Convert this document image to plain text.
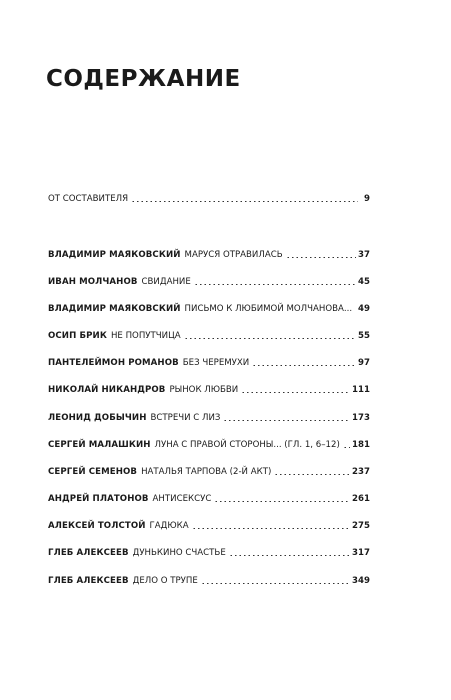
СОДЕРЖАНИЕ
ОТ СОСТАВИТЕЛЯ	9
ВЛАДИМИР МАЯКОВСКИЙ МАРУСЯ ОТРАВИЛАСЬ	37
ИВАН МОЛЧАНОВ СВИДАНИЕ	45
ВЛАДИМИР МАЯКОВСКИЙ ПИСЬМО К ЛЮБИМОЙ МОЛЧАНОВА... 49
ОСИП БРИК НЕ ПОПУТЧИЦА	55
ПАНТЕЛЕЙМОН РОМАНОВ БЕЗ ЧЕРЕМУХИ	97
НИКОЛАЙ НИКАНДРОВ РЫНОК ЛЮБВИ	111
ЛЕОНИД ДОБЫЧИН ВСТРЕЧИ С ЛИЗ	173
СЕРГЕЙ МАЛАШКИН ЛУНА С ПРАВОЙ СТОРОНЫ... (ГЛ. 1, 6–12) 181
СЕРГЕЙ СЕМЕНОВ НАТАЛЬЯ ТАРПОВА (2-Й АКТ)	237
АНДРЕЙ ПЛАТОНОВ АНТИСЕКСУС	261
АЛЕКСЕЙ ТОЛСТОЙ ГАДЮКА	275
ГЛЕБ АЛЕКСЕЕВ ДУНЬКИНО СЧАСТЬЕ	317
ГЛЕБ АЛЕКСЕЕВ ДЕЛО О ТРУПЕ	349
